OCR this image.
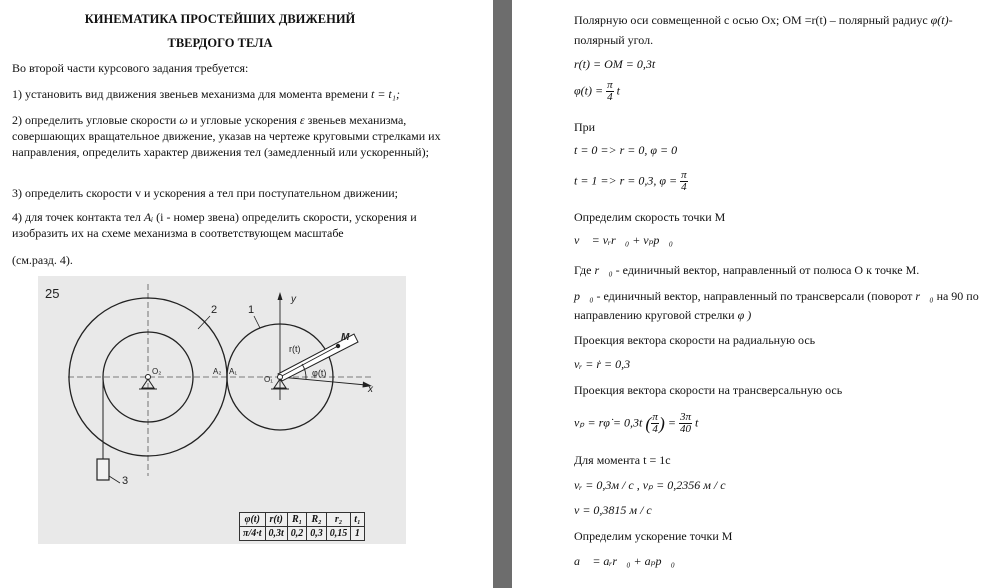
КИНЕМАТИКА ПРОСТЕЙШИХ ДВИЖЕНИЙ
ТВЕРДОГО ТЕЛА
Во второй части курсового задания требуется:
1) установить вид движения звеньев механизма для момента времени t = t₁;
2) определить угловые скорости ω и угловые ускорения ε звеньев механизма, совершающих вращательное движение, указав на чертеже круговыми стрелками их направления, определить характер движения тел (замедленный или ускоренный);
3) определить скорости v и ускорения a тел при поступательном движении;
4) для точек контакта тел Aᵢ (i - номер звена) определить скорости, ускорения и изобразить их на схеме механизма в соответствующем масштабе
(см.разд. 4).
25	y
x
M
r(t)
φ(t)
O₂
O₁
A₂ A₁
2	1
3
φ(t)	r(t)	R₁	R₂	r₂	t₁
π/4·t	0,3t	0,2	0,3	0,15	1
Полярную оси совмещенной с осью Ox; OM =r(t) – полярный радиус φ(t)-
полярный угол.
r(t) = OM = 0,3t
$\varphi(t) = \frac{\pi}{4}$ t
При
t = 0 => r = 0, φ = 0
t = 1 => r = 0,3, $\varphi = \frac{\pi}{4}$
Определим скорость точки М
v⃗ = vᵣr⃗₀ + vₚp⃗₀
Где r⃗₀ - единичный вектор, направленный от полюса О к точке М.
p⃗₀ - единичный вектор, направленный по трансверсали (поворот r⃗₀ на 90 по
направлению круговой стрелки φ )
Проекция вектора скорости на радиальную ось
vᵣ = ṙ = 0,3
Проекция вектора скорости на трансверсальную ось
vₚ = rφ̇ = 0,3t ( $\frac{\pi}{4}$ ) = $\frac{3\pi}{40}$ t
Для момента t = 1с
vᵣ = 0,3м / с , vₚ = 0,2356 м / с
v = 0,3815 м / с
Определим ускорение точки М
a⃗ = aᵣr⃗₀ + aₚp⃗₀
